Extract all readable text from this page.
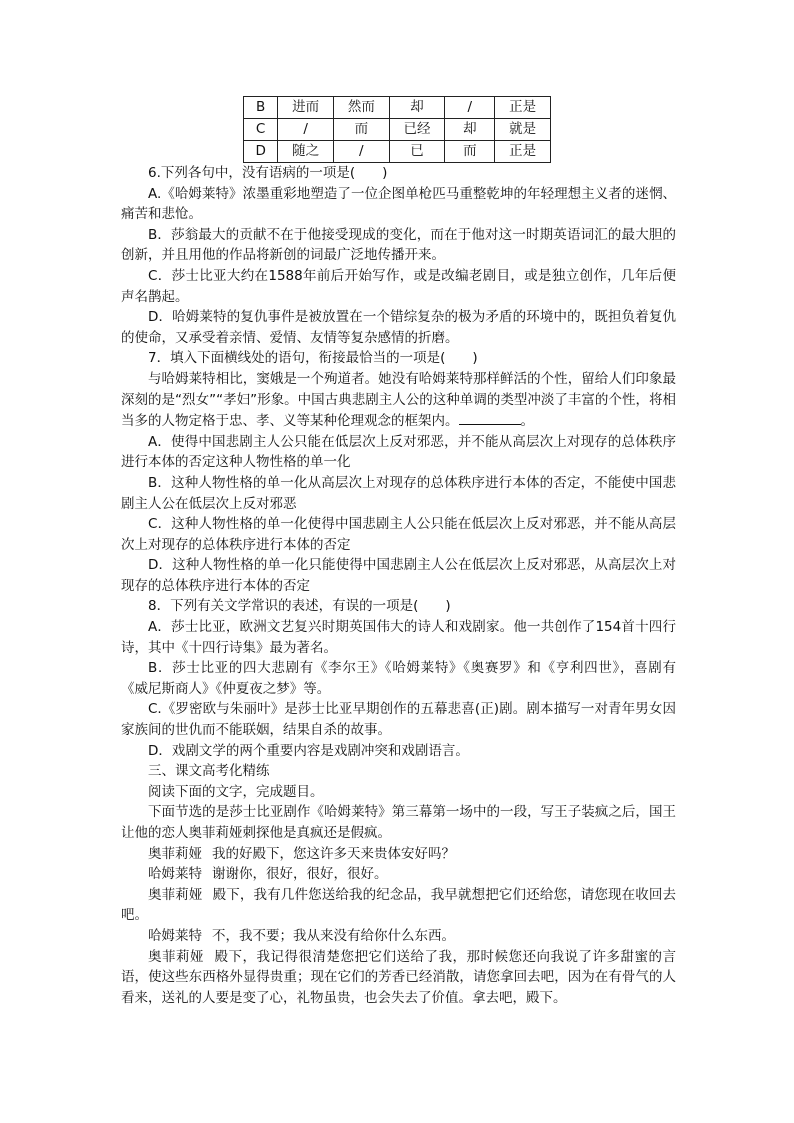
B	进而	然而	却	/	正是
C	/	而	已经	却	就是
D	随之	/	已	而	正是

6.下列各句中，没有语病的一项是(　　)

A.《哈姆莱特》浓墨重彩地塑造了一位企图单枪匹马重整乾坤的年轻理想主义者的迷惘、痛苦和悲怆。

B．莎翁最大的贡献不在于他接受现成的变化，而在于他对这一时期英语词汇的最大胆的创新，并且用他的作品将新创的词最广泛地传播开来。

C．莎士比亚大约在1588年前后开始写作，或是改编老剧目，或是独立创作，几年后便声名鹊起。

D．哈姆莱特的复仇事件是被放置在一个错综复杂的极为矛盾的环境中的，既担负着复仇的使命，又承受着亲情、爱情、友情等复杂感情的折磨。

7．填入下面横线处的语句，衔接最恰当的一项是(　　)

与哈姆莱特相比，窦娥是一个殉道者。她没有哈姆莱特那样鲜活的个性，留给人们印象最深刻的是“烈女”“孝妇”形象。中国古典悲剧主人公的这种单调的类型冲淡了丰富的个性，将相当多的人物定格于忠、孝、义等某种伦理观念的框架内。	。

A．使得中国悲剧主人公只能在低层次上反对邪恶，并不能从高层次上对现存的总体秩序进行本体的否定这种人物性格的单一化

B．这种人物性格的单一化从高层次上对现存的总体秩序进行本体的否定，不能使中国悲剧主人公在低层次上反对邪恶

C．这种人物性格的单一化使得中国悲剧主人公只能在低层次上反对邪恶，并不能从高层次上对现存的总体秩序进行本体的否定

D．这种人物性格的单一化只能使得中国悲剧主人公在低层次上反对邪恶，从高层次上对现存的总体秩序进行本体的否定

8．下列有关文学常识的表述，有误的一项是(　　)

A．莎士比亚，欧洲文艺复兴时期英国伟大的诗人和戏剧家。他一共创作了154首十四行诗，其中《十四行诗集》最为著名。

B．莎士比亚的四大悲剧有《李尔王》《哈姆莱特》《奥赛罗》和《亨利四世》，喜剧有《威尼斯商人》《仲夏夜之梦》等。

C.《罗密欧与朱丽叶》是莎士比亚早期创作的五幕悲喜(正)剧。剧本描写一对青年男女因家族间的世仇而不能联姻，结果自杀的故事。

D．戏剧文学的两个重要内容是戏剧冲突和戏剧语言。

三、课文高考化精练

阅读下面的文字，完成题目。

下面节选的是莎士比亚剧作《哈姆莱特》第三幕第一场中的一段，写王子装疯之后，国王让他的恋人奥菲莉娅刺探他是真疯还是假疯。

奥菲莉娅 我的好殿下，您这许多天来贵体安好吗？

哈姆莱特 谢谢你，很好，很好，很好。

奥菲莉娅 殿下，我有几件您送给我的纪念品，我早就想把它们还给您，请您现在收回去吧。

哈姆莱特 不，我不要；我从来没有给你什么东西。

奥菲莉娅 殿下，我记得很清楚您把它们送给了我，那时候您还向我说了许多甜蜜的言语，使这些东西格外显得贵重；现在它们的芳香已经消散，请您拿回去吧，因为在有骨气的人看来，送礼的人要是变了心，礼物虽贵，也会失去了价值。拿去吧，殿下。
